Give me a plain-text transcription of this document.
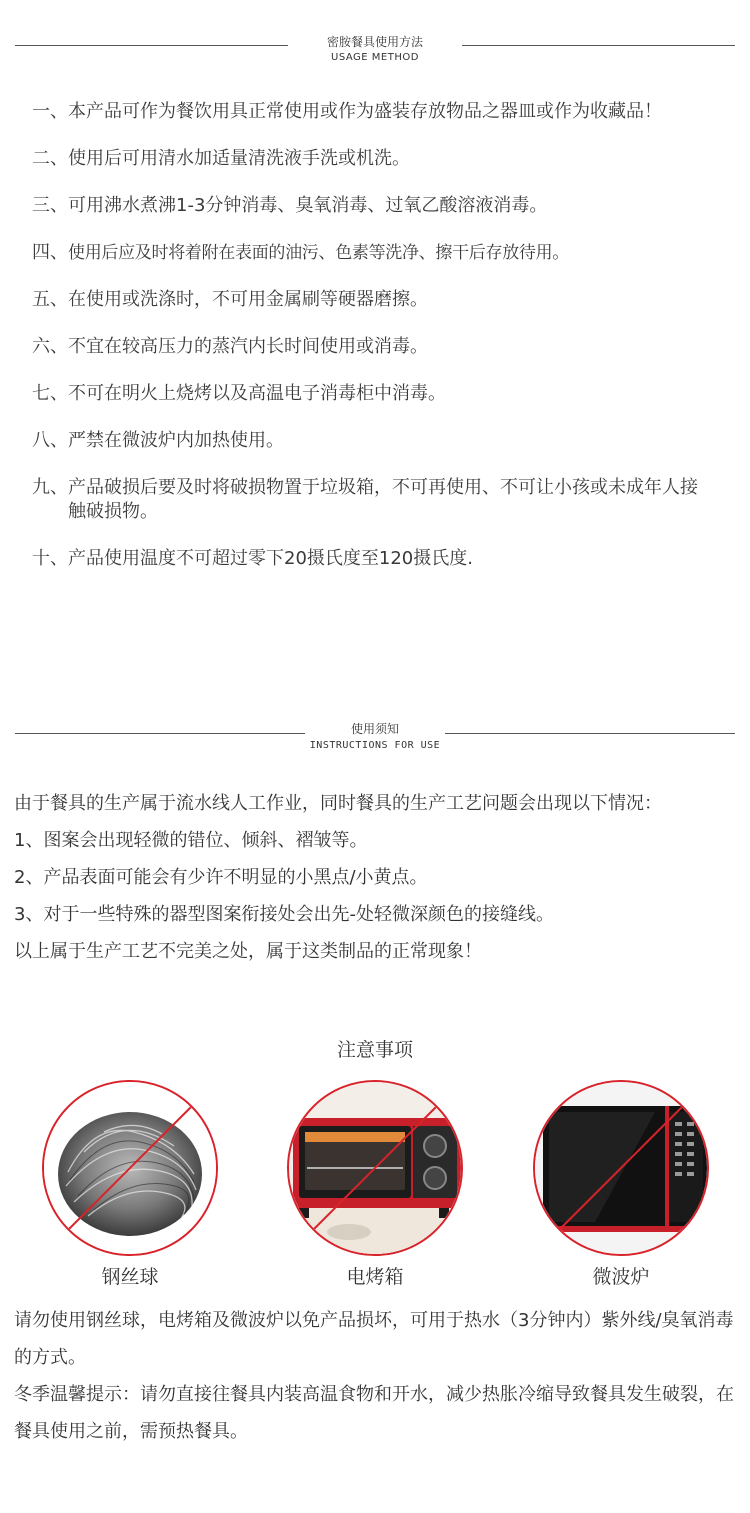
密胺餐具使用方法
USAGE METHOD
一、 本产品可作为餐饮用具正常使用或作为盛装存放物品之器皿或作为收藏品！
二、 使用后可用清水加适量清洗液手洗或机洗。
三、 可用沸水煮沸1-3分钟消毒、臭氧消毒、过氧乙酸溶液消毒。
四、 使用后应及时将着附在表面的油污、色素等洗净、擦干后存放待用。
五、 在使用或洗涤时，不可用金属刷等硬器磨擦。
六、 不宜在较高压力的蒸汽内长时间使用或消毒。
七、 不可在明火上烧烤以及高温电子消毒柜中消毒。
八、 严禁在微波炉内加热使用。
九、 产品破损后要及时将破损物置于垃圾箱，不可再使用、不可让小孩或未成年人接触破损物。
十、 产品使用温度不可超过零下20摄氏度至120摄氏度.
使用须知
INSTRUCTIONS FOR USE

由于餐具的生产属于流水线人工作业，同时餐具的生产工艺问题会出现以下情况：

1、图案会出现轻微的错位、倾斜、褶皱等。

2、产品表面可能会有少许不明显的小黑点/小黄点。

3、对于一些特殊的器型图案衔接处会出先-处轻微深颜色的接缝线。

以上属于生产工艺不完美之处，属于这类制品的正常现象！

注意事项
钢丝球	电烤箱	微波炉

请勿使用钢丝球，电烤箱及微波炉以免产品损坏，可用于热水（3分钟内）紫外线/臭氧消毒的方式。

冬季温馨提示：请勿直接往餐具内装高温食物和开水，减少热胀冷缩导致餐具发生破裂，在餐具使用之前，需预热餐具。
